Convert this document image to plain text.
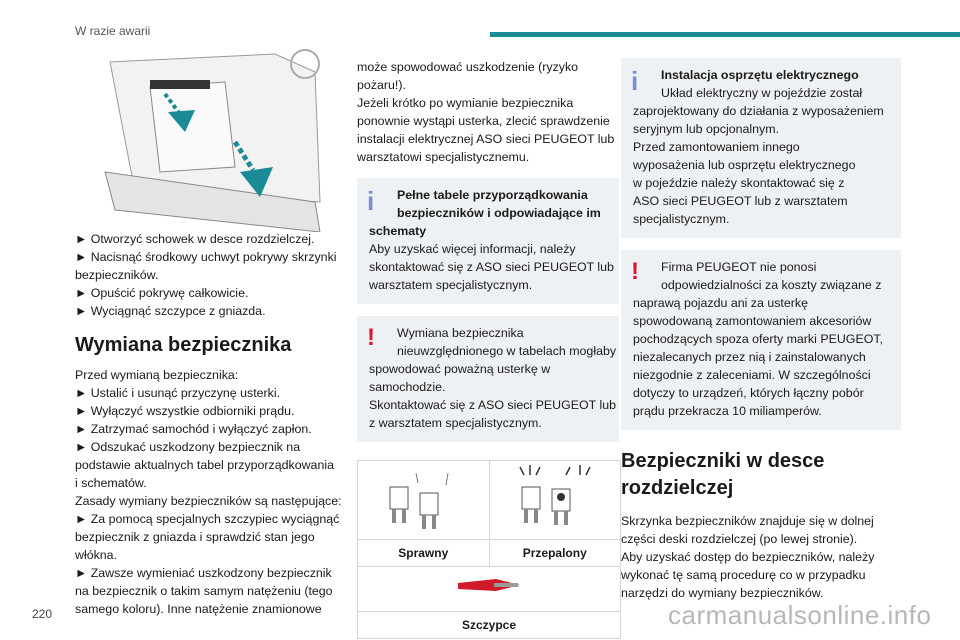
W razie awarii

► Otworzyć schowek w desce rozdzielczej.

► Nacisnąć środkowy uchwyt pokrywy skrzynki

bezpieczników.

► Opuścić pokrywę całkowicie.

► Wyciągnąć szczypce z gniazda.

Wymiana bezpiecznika

Przed wymianą bezpiecznika:

► Ustalić i usunąć przyczynę usterki.

► Wyłączyć wszystkie odbiorniki prądu.

► Zatrzymać samochód i wyłączyć zapłon.

► Odszukać uszkodzony bezpiecznik na

podstawie aktualnych tabel przyporządkowania

i schematów.

Zasady wymiany bezpieczników są następujące:

► Za pomocą specjalnych szczypiec wyciągnąć

bezpiecznik z gniazda i sprawdzić stan jego

włókna.

► Zawsze wymieniać uszkodzony bezpiecznik

na bezpiecznik o takim samym natężeniu (tego

samego koloru). Inne natężenie znamionowe

może spowodować uszkodzenie (ryzyko

pożaru!).

Jeżeli krótko po wymianie bezpiecznika

ponownie wystąpi usterka, zlecić sprawdzenie

instalacji elektrycznej ASO sieci PEUGEOT lub

warsztatowi specjalistycznemu.

i	Pełne tabele przyporządkowania

bezpieczników i odpowiadające im

schematy

Aby uzyskać więcej informacji, należy

skontaktować się z ASO sieci PEUGEOT lub

warsztatem specjalistycznym.

!	Wymiana bezpiecznika

nieuwzględnionego w tabelach mogłaby

spowodować poważną usterkę w

samochodzie.

Skontaktować się z ASO sieci PEUGEOT lub

z warsztatem specjalistycznym.

Sprawny	Przepalony
Szczypce
i	Instalacja osprzętu elektrycznego

Układ elektryczny w pojeździe został

zaprojektowany do działania z wyposażeniem

seryjnym lub opcjonalnym.

Przed zamontowaniem innego

wyposażenia lub osprzętu elektrycznego

w pojeździe należy skontaktować się z

ASO sieci PEUGEOT lub z warsztatem

specjalistycznym.

!	Firma PEUGEOT nie ponosi

odpowiedzialności za koszty związane z

naprawą pojazdu ani za usterkę

spowodowaną zamontowaniem akcesoriów

pochodzących spoza oferty marki PEUGEOT,

niezalecanych przez nią i zainstalowanych

niezgodnie z zaleceniami. W szczególności

dotyczy to urządzeń, których łączny pobór

prądu przekracza 10 miliamperów.

Bezpieczniki w desce
rozdzielczej

Skrzynka bezpieczników znajduje się w dolnej

części deski rozdzielczej (po lewej stronie).

Aby uzyskać dostęp do bezpieczników, należy

wykonać tę samą procedurę co w przypadku

narzędzi do wymiany bezpieczników.

220	carmanualsonline.info
